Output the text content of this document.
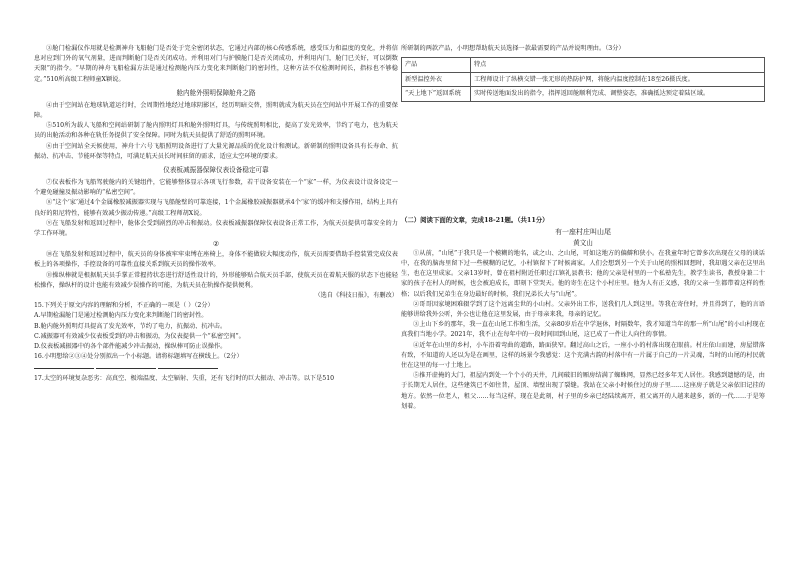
③舱门检漏仪作用就是检测神舟飞船舱门是否处于完全密闭状态，它通过内部的核心传感系统，感受压力和温度的变化，并将信息对应到门外的氧气剂量，进而判断舱门是否关闭成功。并利用对门与护膜舱门是否关闭成功，并利用内门，舱门已关好，可以倒数天限”的指令。“早期的神舟飞船检漏方法是通过检测舱内压力变化来判断舱门的密封性，这种方法不仅检测时间长，指标也不够稳定。”510所高级工程师童X颖说。

舱内舱外照明保障舱舟之路

④由于空间站在地球轨道运行时，会周期性地经过地球阴影区，经历明暗交替，照明就成为航天员在空间站中开展工作的重要保障。

⑤510所为载人飞船和空间站研制了舱内照明灯具和舱外照明灯具，与传统照明相比，提高了发光效率，节约了电力，也为航天员的出舱活动和各种在轨任务提供了安全保障。同时为航天员提供了舒适的照明环境。

⑥由于空间站全天候使用，神舟十六号飞船照明设备进行了大量光源品质的优化设计和测试。新研制的照明设备具有长寿命、抗振动、抗冲击、节能环保等特点，可满足航天员长时间驻留的需求，适应太空环境的要求。

仪表板减振器保障仪表设备稳定可靠

⑦仪表板作为飞船驾驶舱内的关键组件，它能够整体显示各项飞行参数，若干设备安装在一个“家”一样，为仪表设计设备设定一个避免碰撞及振动影响的“私密空间”。

⑧“这个‘家’通过4个金属橡胶减振器实现与飞船舱壁的可靠连接，1个金属橡胶减振器就承4个‘家’的缓冲和支撑作用，结构上具有良好的阻尼特性，能够有效减少振动传递。”高级工程师胡X说。

⑨在飞船发射和返回过程中，舱体会受到剧烈的冲击和振动。仪表板减振器保障仪表设备正常工作，为航天员提供可靠安全的力学工作环境。

②

⑩在飞船发射和返回过程中，航天员的身体被牢牢束缚在座椅上，身体不能做较大幅度动作，航天员需要借助手控装置完成仪表板上的各项操作，手控设备的可靠性直接关系到航天员的操作效率。

⑪操纵棒就是根据航天员手掌正常握持状态进行舒适性设计的，外形能够贴合航天员手部，使航天员在着航天服的状态下也能轻松操作，操纵杆的设计也能有效减少误操作的可能，为航天员在轨操作提供便利。

（选自《科技日报》，有删改）

15.下列关于原文内容的理解和分析，不正确的一项是（ ）（2分）

A.早期检漏舱门是通过检测舱内压力变化来判断舱门的密封性。

B.舱内舱外照明灯具提高了发光效率，节约了电力，抗振动、抗冲击。

C.减振器可有效减少仪表板受到的冲击和振动，为仪表提供一个“私密空间”。

D.仪表板减振器中的各个部件能减少冲击振动，操纵棒可防止误操作。

16.小明想给②③④处分别拟出一个小标题。请将标题填写在横线上。（2分）

17.太空的环境复杂恶劣：高真空、极端温度、太空辐射、失重，还有飞行时的巨大振动、冲击等。以下是510

所研制的两款产品，小明想帮助航天员选择一款最需要的产品并说明理由。（3分）

产品	特点
新型温控外衣	工程师设计了纵横交错一张无形的热防护网，将舱内温度控制在18至26摄氏度。
“天上地下”返回系统	实时传送地面发出的指令，指挥返回舱顺利完成、调整姿态，准确抵达预定着陆区域。
（二）阅读下面的文章，完成18-21题。（共11分）
有一座村庄叫山尾
黄文山

①从前，“山尾”于我只是一个模糊的地名，或之山、之山尾，可如这地方的偏僻和狭小。在我童年时它曾多次出现在父母的谈话中，在我的脑海里留下过一些模糊的记忆，小村镇留下了时候离家。人们会想到另一个关于山尾的照相回想时，我却遇父亲在这里出生，也在这里成家。父亲13岁时，曾在祖村附近任职过江镇礼县教书；他的父亲是村里的一个私塾先生，教学生读书，教授身兼二十家的孩子在村人的时候，也会被迫成长，即刻下堂哭天。他的寄生在这个小村庄里。他为人有正义感，我的父亲一生都带着这样的性格；以后我们兄弟生在身边最好的时候，我们兄弟长大与“山尾”。

②哥哥因家境困难辍学到了这个远离尘世的小山村。父亲外出工作，送我们几人到这里。等我在寄住时，并且得到了，他的言语能够讲给我外公听，外公也让他在这里发展，由于母亲来我，母亲的记忆。

③上山下乡的那年，我一直在山尾工作和生活，父亲80岁后在中学退休，时隔数年，我才知道当年的那一所“山尾”的小山村现在真我们当地小学。2021年，我不止在每年中的一段时间回到山尾，这已成了一件让人向往的事情。

④近年在山里的乡村，小车沿着弯曲的道路，路面狭窄。翻过高山之后，一座小小的村落出现在眼前。村庄依山而建，房屋错落有致，不知道的人还以为是在画里，这样的场景令我感觉：这个充满古韵的村落中有一片属于自己的一片灵魂，当时的山尾的村民就住在这里的每一寸土地上。

⑤推开虚掩的大门，祖屋内到处一个个小的天井，几间破旧的厢房结满了蜘蛛网，显然已经多年无人居住。我感到遗憾的是，由于长期无人居住，这些建筑已不如往昔，屋顶、墙壁出现了裂缝。我站在父亲小时候住过的房子里……这座房子就是父亲依旧记挂的地方。依然一位老人，租父……每当这样，现在是此刻，村子里的乡亲已经陆续离开，祖父离开的人越来越多，新的一代……于是筹划着。
